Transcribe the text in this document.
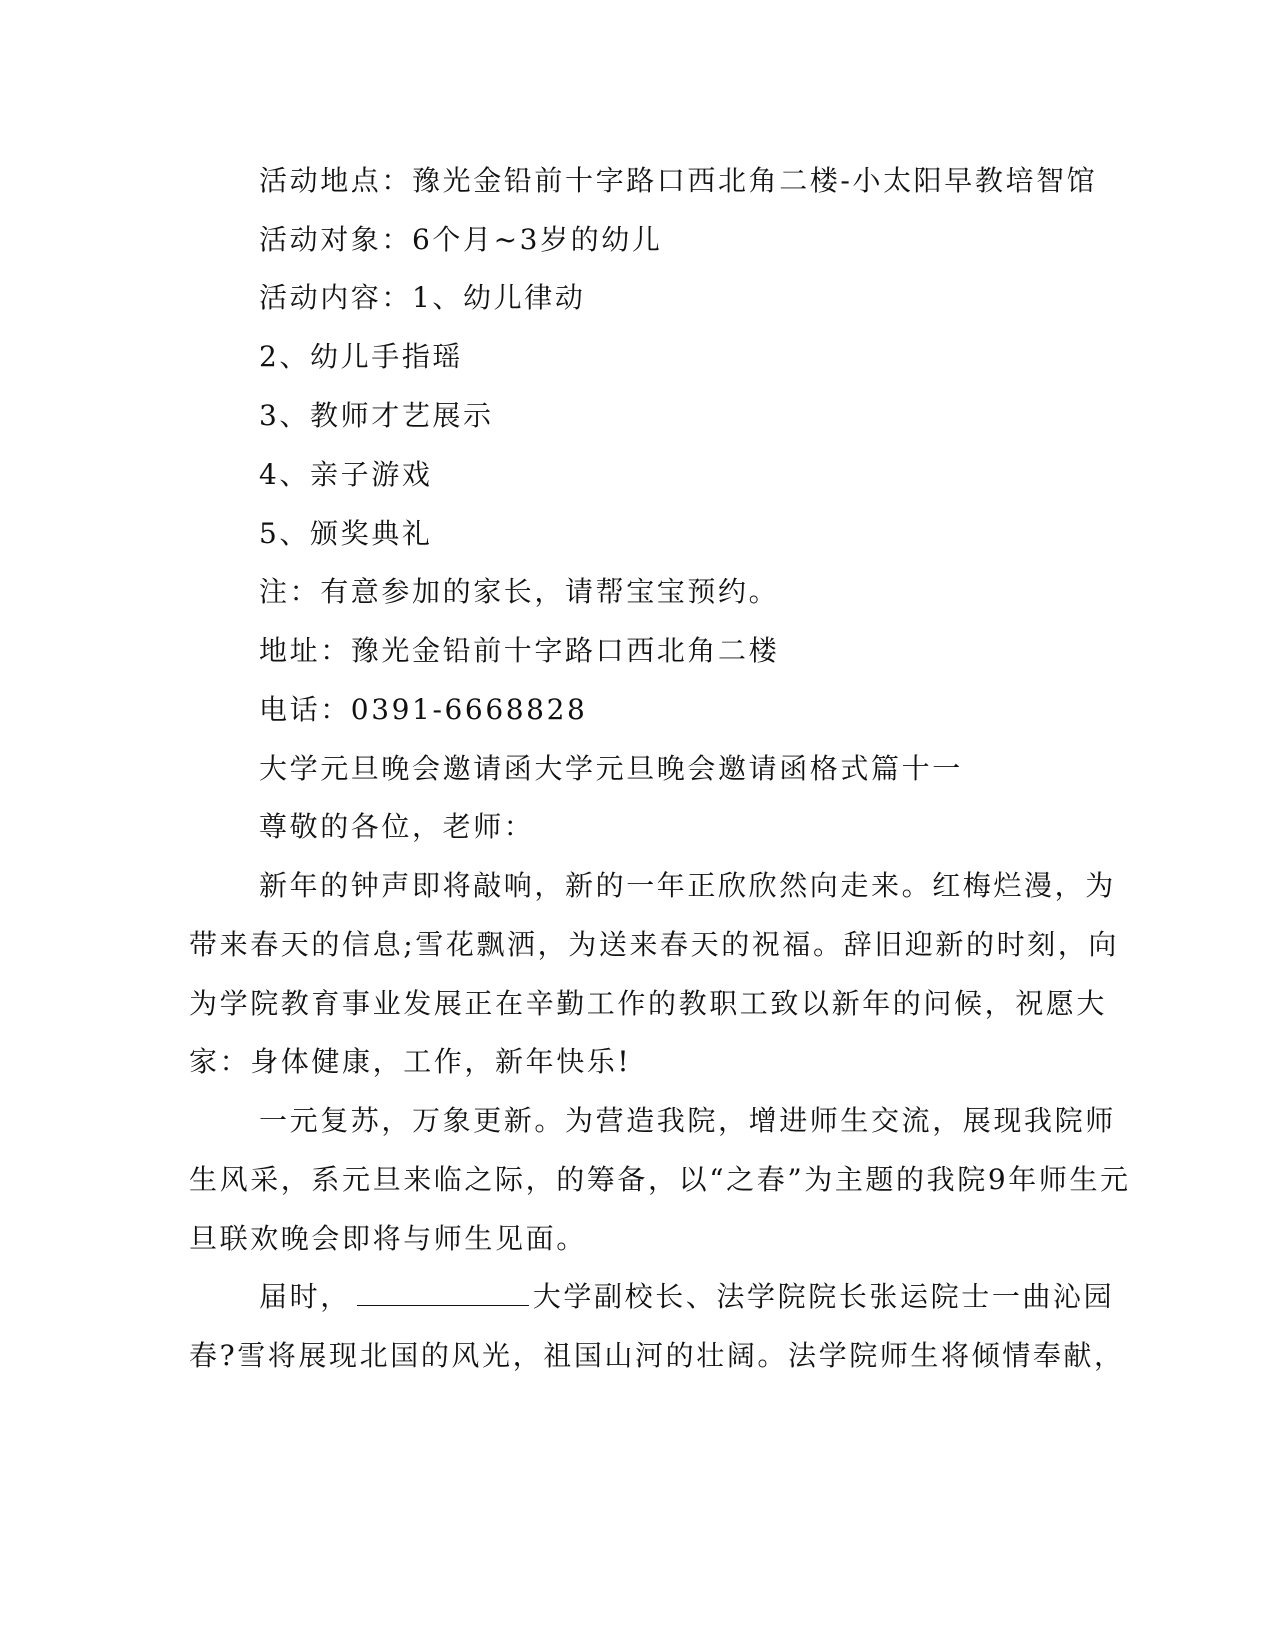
活动地点：豫光金铅前十字路口西北角二楼-小太阳早教培智馆
活动对象：6个月~3岁的幼儿
活动内容：1、幼儿律动
2、幼儿手指瑶
3、教师才艺展示
4、亲子游戏
5、颁奖典礼
注：有意参加的家长，请帮宝宝预约。
地址：豫光金铅前十字路口西北角二楼
电话：0391-6668828
大学元旦晚会邀请函大学元旦晚会邀请函格式篇十一
尊敬的各位，老师：
新年的钟声即将敲响，新的一年正欣欣然向走来。红梅烂漫，为
带来春天的信息;雪花飘洒，为送来春天的祝福。辞旧迎新的时刻，向
为学院教育事业发展正在辛勤工作的教职工致以新年的问候，祝愿大
家：身体健康，工作，新年快乐!
一元复苏，万象更新。为营造我院，增进师生交流，展现我院师
生风采，系元旦来临之际，的筹备，以“之春”为主题的我院9年师生元
旦联欢晚会即将与师生见面。
届时，	大学副校长、法学院院长张运院士一曲沁园
春?雪将展现北国的风光，祖国山河的壮阔。法学院师生将倾情奉献，
